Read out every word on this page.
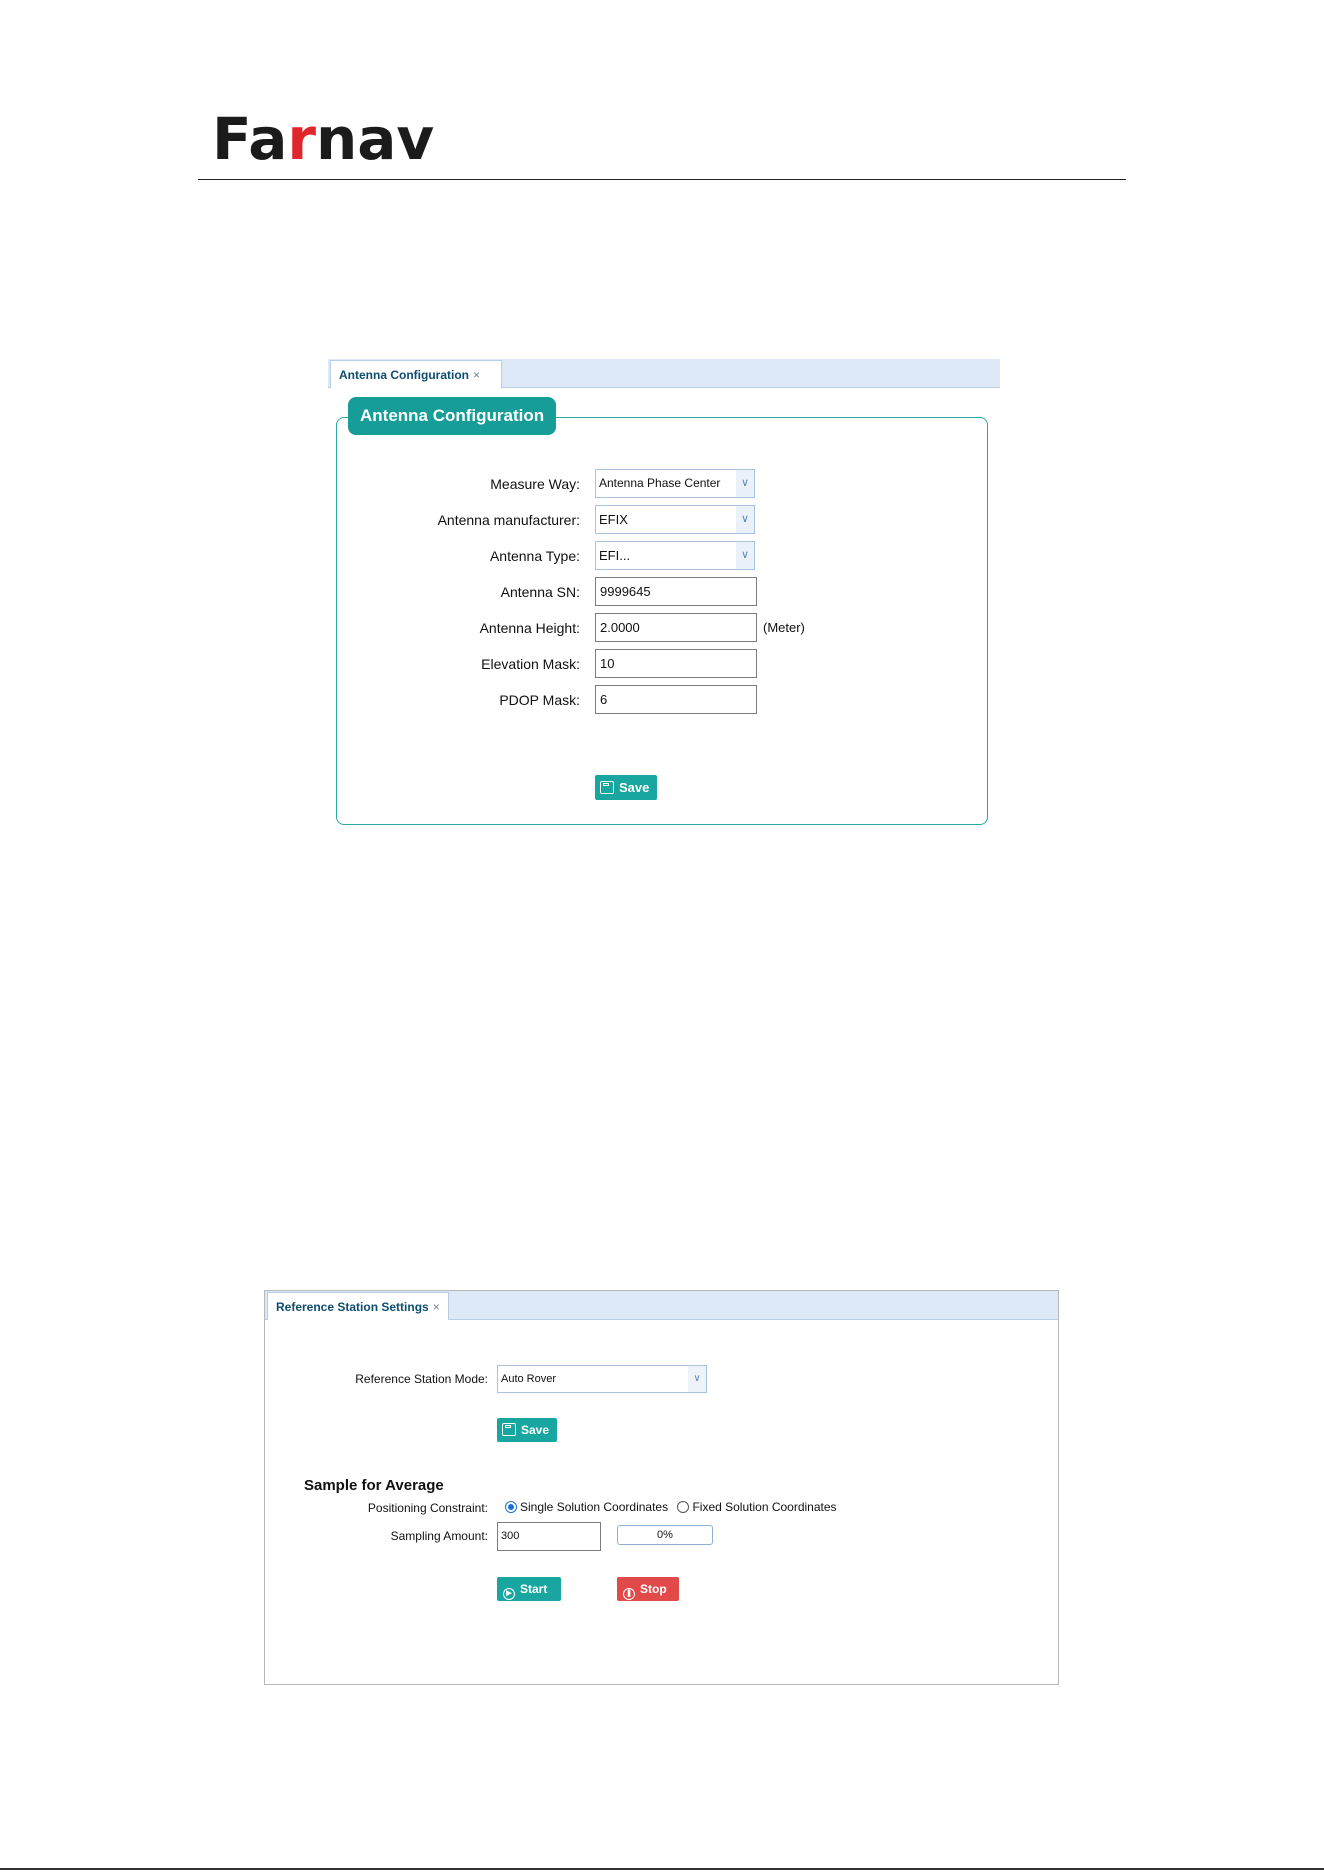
Farnav
Antenna Configuration ×
Antenna Configuration
Measure Way:	Antenna Phase Center	∨
Antenna manufacturer:	EFIX	∨
Antenna Type:	EFI...	∨
Antenna SN:	9999645
Antenna Height:	2.0000	(Meter)
Elevation Mask:	10
PDOP Mask:	6
Save
Reference Station Settings ×
Reference Station Mode:	Auto Rover	∨
Save
Sample for Average
Positioning Constraint:	Single Solution Coordinates Fixed Solution Coordinates
Sampling Amount:	300	0%
▶ Start	❚ Stop
